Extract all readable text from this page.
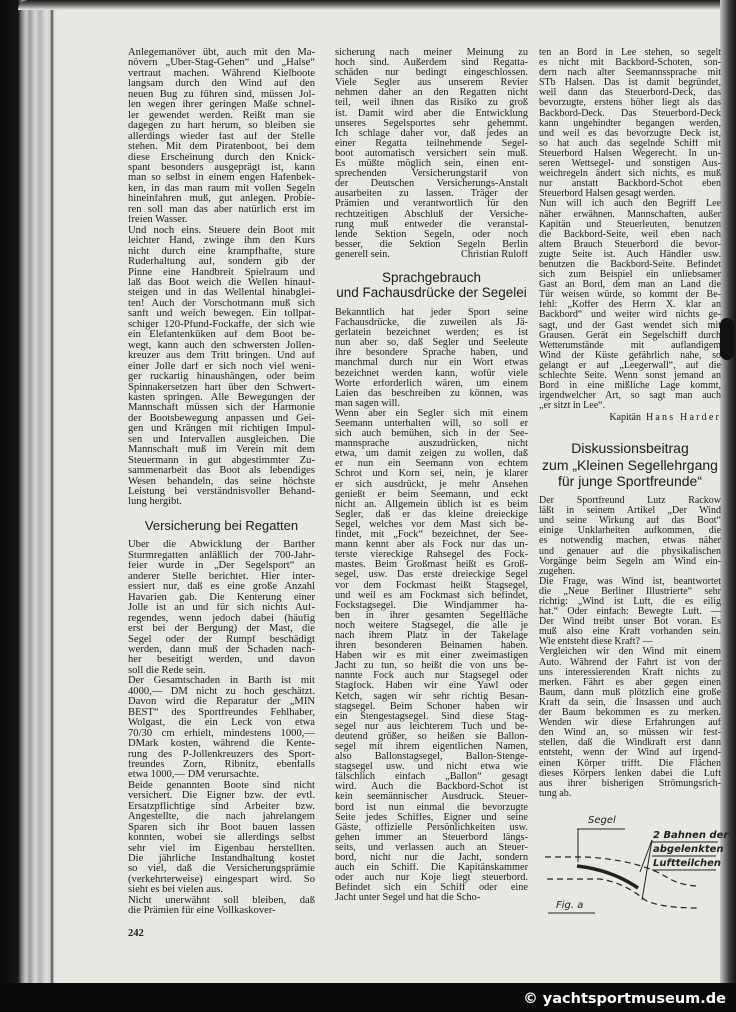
Anlegemanöver übt, auch mit den Ma-
növern „Über-Stag-Gehen“ und „Halse“
vertraut machen. Während Kielboote
langsam durch den Wind auf den
neuen Bug zu führen sind, müssen Jol-
len wegen ihrer geringen Maße schnel-
ler gewendet werden. Reißt man sie
dagegen zu hart herum, so bleiben sie
allerdings wieder fast auf der Stelle
stehen. Mit dem Piratenboot, bei dem
diese Erscheinung durch den Knick-
spant besonders ausgeprägt ist, kann
man so selbst in einem engen Hafenbek-
ken, in das man raum mit vollen Segeln
hineinfahren muß, gut anlegen. Probie-
ren soll man das aber natürlich erst im
freien Wasser.
Und noch eins. Steuere dein Boot mit
leichter Hand, zwinge ihm den Kurs
nicht durch eine krampfhafte, sture
Ruderhaltung auf, sondern gib der
Pinne eine Handbreit Spielraum und
laß das Boot weich die Wellen hinauf-
steigen und in das Wellental hinabglei-
ten! Auch der Vorschotmann muß sich
sanft und weich bewegen. Ein tollpat-
schiger 120-Pfund-Fockaffe, der sich wie
ein Elefantenküken auf dem Boot be-
wegt, kann auch den schwersten Jollen-
kreuzer aus dem Tritt bringen. Und auf
einer Jolle darf er sich noch viel weni-
ger ruckartig hinaushängen, oder beim
Spinnakersetzen hart über den Schwert-
kasten springen. Alle Bewegungen der
Mannschaft müssen sich der Harmonie
der Bootsbewegung anpassen und Gei-
gen und Krängen mit richtigen Impul-
sen und Intervallen ausgleichen. Die
Mannschaft muß im Verein mit dem
Steuermann in gut abgestimmter Zu-
sammenarbeit das Boot als lebendiges
Wesen behandeln, das seine höchste
Leistung bei verständnisvoller Behand-
lung hergibt.
Versicherung bei Regatten
Über die Abwicklung der Barther
Sturmregatten anläßlich der 700-Jahr-
feier wurde in „Der Segelsport“ an
anderer Stelle berichtet. Hier inter-
essiert nur, daß es eine große Anzahl
Havarien gab. Die Kenterung einer
Jolle ist an und für sich nichts Auf-
regendes, wenn jedoch dabei (häufig
erst bei der Bergung) der Mast, die
Segel oder der Rumpf beschädigt
werden, dann muß der Schaden nach-
her beseitigt werden, und davon
soll die Rede sein.
Der Gesamtschaden in Barth ist mit
4000,— DM nicht zu hoch geschätzt.
Davon wird die Reparatur der „MIN
BEST“ des Sportfreundes Fehlhaber,
Wolgast, die ein Leck von etwa
70/30 cm erhielt, mindestens 1000,—
DMark kosten, während die Kente-
rung des P-Jollenkreuzers des Sport-
freundes Zorn, Ribnitz, ebenfalls
etwa 1000,— DM verursachte.
Beide genannten Boote sind nicht
versichert. Die Eigner bzw. der evtl.
Ersatzpflichtige sind Arbeiter bzw.
Angestellte, die nach jahrelangem
Sparen sich ihr Boot bauen lassen
konnten, wobei sie allerdings selbst
sehr viel im Eigenbau herstellten.
Die jährliche Instandhaltung kostet
so viel, daß die Versicherungsprämie
(verkehrterweise) eingespart wird. So
sieht es bei vielen aus.
Nicht unerwähnt soll bleiben, daß
die Prämien für eine Vollkaskover-
sicherung nach meiner Meinung zu
hoch sind. Außerdem sind Regatta-
schäden nur bedingt eingeschlossen.
Viele Segler aus unserem Revier
nehmen daher an den Regatten nicht
teil, weil ihnen das Risiko zu groß
ist. Damit wird aber die Entwicklung
unseres Segelsportes sehr gehemmt.
Ich schlage daher vor, daß jedes an
einer Regatta teilnehmende Segel-
boot automatisch versichert sein muß.
Es müßte möglich sein, einen ent-
sprechenden Versicherungstarif von
der Deutschen Versicherungs-Anstalt
ausarbeiten zu lassen. Träger der
Prämien und verantwortlich für den
rechtzeitigen Abschluß der Versiche-
rung muß entweder die veranstal-
lende Sektion Segeln, oder noch
besser, die Sektion Segeln Berlin
Christian Ruloff
generell sein.
Sprachgebrauch
und Fachausdrücke der Segelei
Bekanntlich hat jeder Sport seine
Fachausdrücke, die zuweilen als Jä-
gerlatein bezeichnet werden; es ist
nun aber so, daß Segler und Seeleute
ihre besondere Sprache haben, und
manchmal durch nur ein Wort etwas
bezeichnet werden kann, wofür viele
Worte erforderlich wären, um einem
Laien das beschreiben zu können, was
man sagen will.
Wenn aber ein Segler sich mit einem
Seemann unterhalten will, so soll er
sich auch bemühen, sich in der See-
mannsprache auszudrücken, nicht
etwa, um damit zeigen zu wollen, daß
er nun ein Seemann von echtem
Schrot und Korn sei, nein, je klarer
er sich ausdrückt, je mehr Ansehen
genießt er beim Seemann, und eckt
nicht an. Allgemein üblich ist es beim
Segler, daß er das kleine dreieckige
Segel, welches vor dem Mast sich be-
findet, mit „Fock“ bezeichnet, der See-
mann kennt aber als Fock nur das un-
terste viereckige Rahsegel des Fock-
mastes. Beim Großmast heißt es Groß-
segel, usw. Das erste dreieckige Segel
vor dem Fockmast heißt Stagsegel,
und weil es am Fockmast sich befindet,
Fockstagsegel. Die Windjammer ha-
ben in ihrer gesamten Segelfläche
noch weitere Stagsegel, die alle je
nach ihrem Platz in der Takelage
ihren besonderen Beinamen haben.
Haben wir es mit einer zweimastigen
Jacht zu tun, so heißt die von uns be-
nannte Fock auch nur Stagsegel oder
Stagfock. Haben wir eine Yawl oder
Ketch, sagen wir sehr richtig Besan-
stagsegel. Beim Schoner haben wir
ein Stengestagsegel. Sind diese Stag-
segel nur aus leichterem Tuch und be-
deutend größer, so heißen sie Ballon-
segel mit ihrem eigentlichen Namen,
also Ballonstagsegel, Ballon-Stenge-
stagsegel usw. und nicht etwa wie
fälschlich einfach „Ballon“ gesagt
wird. Auch die Backbord-Schot ist
kein seemännischer Ausdruck. Steuer-
bord ist nun einmal die bevorzugte
Seite jedes Schiffes, Eigner und seine
Gäste, offizielle Persönlichkeiten usw.
gehen immer an Steuerbord längs-
seits, und verlassen auch an Steuer-
bord, nicht nur die Jacht, sondern
auch ein Schiff. Die Kapitänskammer
oder auch nur Koje liegt steuerbord.
Befindet sich ein Schiff oder eine
Jacht unter Segel und hat die Scho-
ten an Bord in Lee stehen, so segelt
es nicht mit Backbord-Schoten, son-
dern nach alter Seemannssprache mit
STb Halsen. Das ist damit begründet,
weil dann das Steuerbord-Deck, das
bevorzugte, erstens höher liegt als das
Backbord-Deck. Das Steuerbord-Deck
kann ungehindter begangen werden,
und weil es das bevorzugte Deck ist,
so hat auch das segelnde Schiff mit
Steuerbord Halsen Wegerecht. In un-
seren Wettsegel- und sonstigen Aus-
weichregeln ändert sich nichts, es muß
nur anstatt Backbord-Schot eben
Steuerbord Halsen gesagt werden.
Nun will ich auch den Begriff Lee
näher erwähnen. Mannschaften, außer
Kapitän und Steuerleuten, benutzen
die Backbord-Seite, weil eben nach
altem Brauch Steuerbord die bevor-
zugte Seite ist. Auch Händler usw.
benutzen die Backbord-Seite. Befindet
sich zum Beispiel ein unliebsamer
Gast an Bord, dem man an Land die
Tür weisen würde, so kommt der Be-
fehl: „Koffer des Herrn X. klar an
Backbord“ und weiter wird nichts ge-
sagt, und der Gast wendet sich mit
Grausen. Gerät ein Segelschiff durch
Wetterumstände mit auflandigem
Wind der Küste gefährlich nahe, so
gelangt er auf „Leegerwall“, auf die
schlechte Seite. Wenn sonst jemand an
Bord in eine mißliche Lage kommt,
irgendwelcher Art, so sagt man auch
„er sitzt in Lee“.
Kapitän Hans Harder
Diskussionsbeitrag
zum „Kleinen Segellehrgang
für junge Sportfreunde“
Der Sportfreund Lutz Rackow
läßt in seinem Artikel „Der Wind
und seine Wirkung auf das Boot“
einige Unklarheiten aufkommen, die
es notwendig machen, etwas näher
und genauer auf die physikalischen
Vorgänge beim Segeln am Wind ein-
zugehen.
Die Frage, was Wind ist, beantwortet
die „Neue Berliner Illustrierte“ sehr
richtig: „Wind ist Luft, die es eilig
hat.“ Oder einfach: Bewegte Luft. —
Der Wind treibt unser Bot voran. Es
muß also eine Kraft vorhanden sein.
Wie entsteht diese Kraft? —
Vergleichen wir den Wind mit einem
Auto. Während der Fahrt ist von der
uns interessierenden Kraft nichts zu
merken. Fährt es aber gegen einen
Baum, dann muß plötzlich eine große
Kraft da sein, die Insassen und auch
der Baum bekommen es zu merken.
Wenden wir diese Erfahrungen auf
den Wind an, so müssen wir fest-
stellen, daß die Windkraft erst dann
entsteht, wenn der Wind auf irgend-
einen Körper trifft. Die Flächen
dieses Körpers lenken dabei die Luft
aus ihrer bisherigen Strömungsrich-
tung ab.
242
Segel
2 Bahnen der
abgelenkten
Luftteilchen
Fig. a
© yachtsportmuseum.de
